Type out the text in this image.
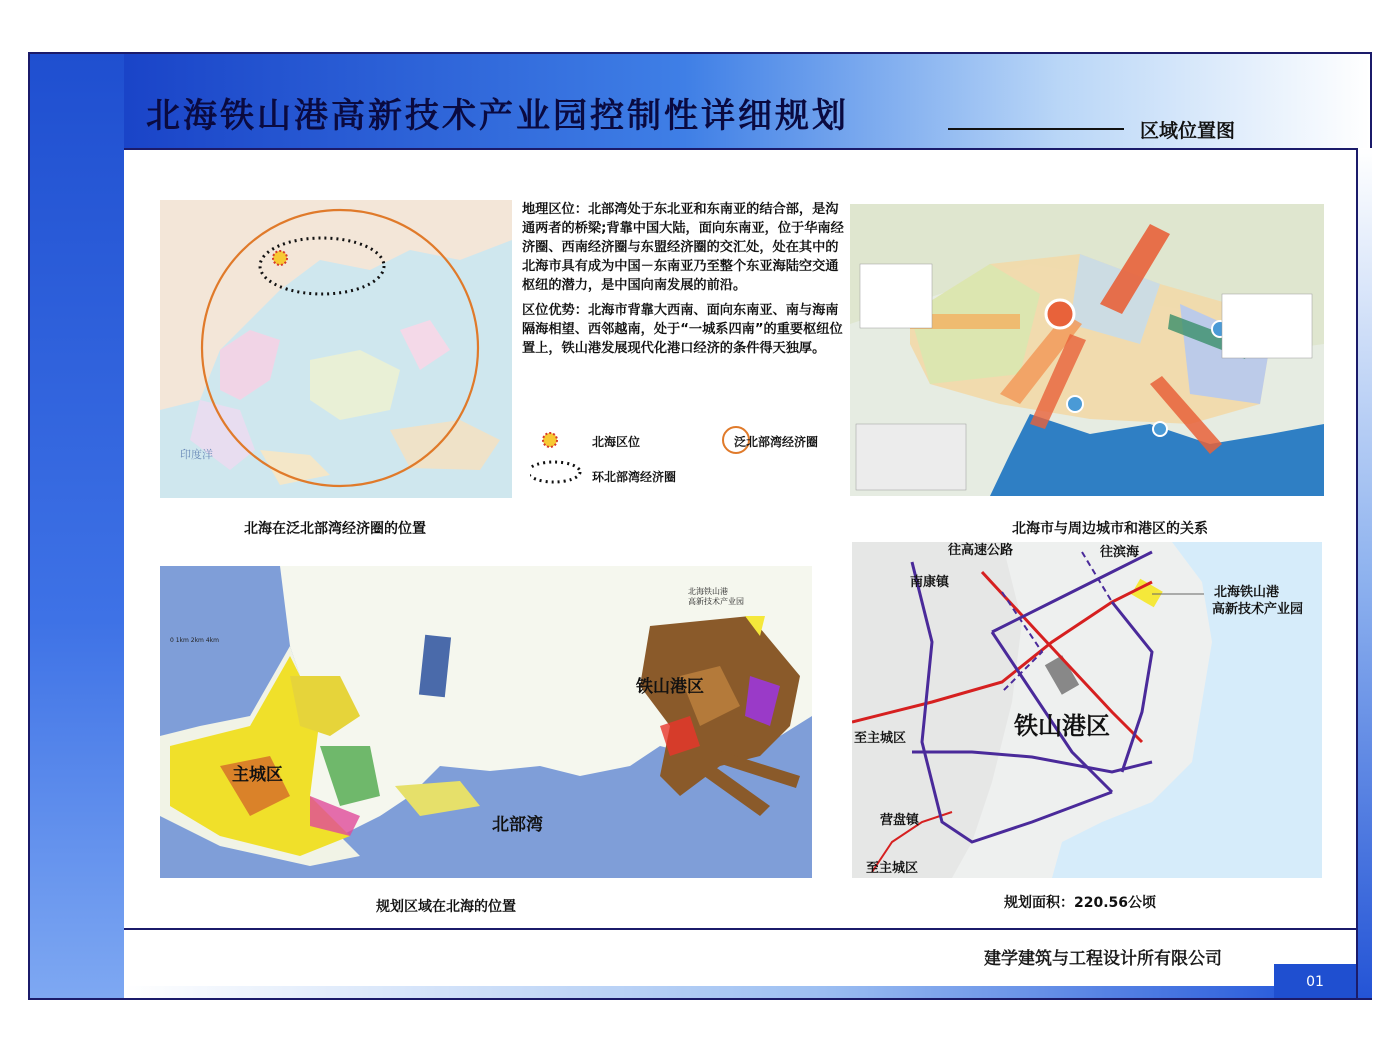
北海铁山港高新技术产业园控制性详细规划	区域位置图
印度洋

地理区位：北部湾处于东北亚和东南亚的结合部，是沟通两者的桥梁;背靠中国大陆，面向东南亚，位于华南经济圈、西南经济圈与东盟经济圈的交汇处，处在其中的北海市具有成为中国－东南亚乃至整个东亚海陆空交通枢纽的潜力，是中国向南发展的前沿。

区位优势：北海市背靠大西南、面向东南亚、南与海南隔海相望、西邻越南，处于“一城系四南”的重要枢纽位置上，铁山港发展现代化港口经济的条件得天独厚。

北海区位	泛北部湾经济圈
环北部湾经济圈
北海在泛北部湾经济圈的位置	北海市与周边城市和港区的关系
主城区
铁山港区
北部湾
北海铁山港
高新技术产业园
0 1km 2km 4km
往高速公路	往滨海
南康镇
北海铁山港
高新技术产业园
至主城区	铁山港区
营盘镇
至主城区
规划区域在北海的位置	规划面积：220.56公顷
建学建筑与工程设计所有限公司
01
